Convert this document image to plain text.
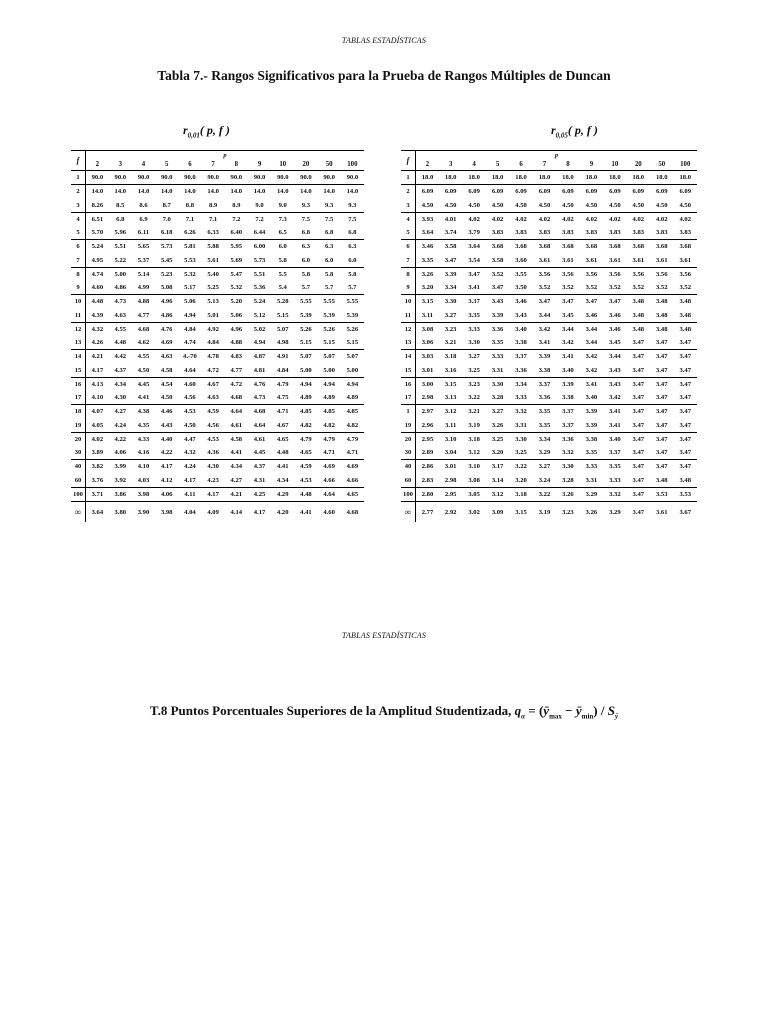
TABLAS ESTADÍSTICAS
Tabla 7.- Rangos Significativos para la Prueba de Rangos Múltiples de Duncan
$r_{0,01}$( p, f )	$r_{0,05}$( p, f )
f	p											
	2	3	4	5	6	7	8	9	10	20	50	100
1	90.0	90.0	90.0	90.0	90.0	90.0	90.0	90.0	90.0	90.0	90.0	90.0
2	14.0	14.0	14.0	14.0	14.0	14.0	14.0	14.0	14.0	14.0	14.0	14.0
3	8.26	8.5	8.6	8.7	8.8	8.9	8.9	9.0	9.0	9.3	9.3	9.3
4	6.51	6.8	6.9	7.0	7.1	7.1	7.2	7.2	7.3	7.5	7.5	7.5
5	5.70	5.96	6.11	6.18	6.26	6.33	6.40	6.44	6.5	6.8	6.8	6.8
6	5.24	5.51	5.65	5.73	5.81	5.88	5.95	6.00	6.0	6.3	6.3	6.3
7	4.95	5.22	5.37	5.45	5.53	5.61	5.69	5.73	5.8	6.0	6.0	6.0
8	4.74	5.00	5.14	5.23	5.32	5.40	5.47	5.51	5.5	5.8	5.8	5.8
9	4.60	4.86	4.99	5.08	5.17	5.25	5.32	5.36	5.4	5.7	5.7	5.7
10	4.48	4.73	4.88	4.96	5.06	5.13	5.20	5.24	5.28	5.55	5.55	5.55
11	4.39	4.63	4.77	4.86	4.94	5.01	5.06	5.12	5.15	5.39	5.39	5.39
12	4.32	4.55	4.68	4.76	4.84	4.92	4.96	5.02	5.07	5.26	5.26	5.26
13	4.26	4.48	4.62	4.69	4.74	4.84	4.88	4.94	4.98	5.15	5.15	5.15
14	4.21	4.42	4.55	4.63	4.-70	4.78	4.83	4.87	4.91	5.07	5.07	5.07
15	4.17	4.37	4.50	4.58	4.64	4.72	4.77	4.81	4.84	5.00	5.00	5.00
16	4.13	4.34	4.45	4.54	4.60	4.67	4.72	4.76	4.79	4.94	4.94	4.94
17	4.10	4.30	4.41	4.50	4.56	4.63	4.68	4.73	4.75	4.89	4.89	4.89
18	4.07	4.27	4.38	4.46	4.53	4.59	4.64	4.68	4.71	4.85	4.85	4.85
19	4.05	4.24	4.35	4.43	4.50	4.56	4.61	4.64	4.67	4.82	4.82	4.82
20	4.02	4.22	4.33	4.40	4.47	4.53	4.58	4.61	4.65	4.79	4.79	4.79
30	3.89	4.06	4.16	4.22	4.32	4.36	4.41	4.45	4.48	4.65	4.71	4.71
40	3.82	3.99	4.10	4.17	4.24	4.30	4.34	4.37	4.41	4.59	4.69	4.69
60	3.76	3.92	4.03	4.12	4.17	4.23	4.27	4.31	4.34	4.53	4.66	4.66
100	3.71	3.86	3.98	4.06	4.11	4.17	4.21	4.25	4.29	4.48	4.64	4.65
∞	3.64	3.80	3.90	3.98	4.04	4.09	4.14	4.17	4.20	4.41	4.60	4.68
f	p											
	2	3	4	5	6	7	8	9	10	20	50	100
1	18.0	18.0	18.0	18.0	18.0	18.0	18.0	18.0	18.0	18.0	18.0	18.0
2	6.09	6.09	6.09	6.09	6.09	6.09	6.09	6.09	6.09	6.09	6.09	6.09
3	4.50	4.50	4.50	4.50	4.50	4.50	4.50	4.50	4.50	4.50	4.50	4.50
4	3.93	4.01	4.02	4.02	4.02	4.02	4.02	4.02	4.02	4.02	4.02	4.02
5	3.64	3.74	3.79	3.83	3.83	3.83	3.83	3.83	3.83	3.83	3.83	3.83
6	3.46	3.58	3.64	3.68	3.68	3.68	3.68	3.68	3.68	3.68	3.68	3.68
7	3.35	3.47	3.54	3.58	3.60	3.61	3.61	3.61	3.61	3.61	3.61	3.61
8	3.26	3.39	3.47	3.52	3.55	3.56	3.56	3.56	3.56	3.56	3.56	3.56
9	3.20	3.34	3.41	3.47	3.50	3.52	3.52	3.52	3.52	3.52	3.52	3.52
10	3.15	3.30	3.37	3.43	3.46	3.47	3.47	3.47	3.47	3.48	3.48	3.48
11	3.11	3.27	3.35	3.39	3.43	3.44	3.45	3.46	3.46	3.48	3.48	3.48
12	3.08	3.23	3.33	3.36	3.40	3.42	3.44	3.44	3.46	3.48	3.48	3.48
13	3.06	3.21	3.30	3.35	3.38	3.41	3.42	3.44	3.45	3.47	3.47	3.47
14	3.03	3.18	3.27	3.33	3.37	3.39	3.41	3.42	3.44	3.47	3.47	3.47
15	3.01	3.16	3.25	3.31	3.36	3.38	3.40	3.42	3.43	3.47	3.47	3.47
16	3.00	3.15	3.23	3.30	3.34	3.37	3.39	3.41	3.43	3.47	3.47	3.47
17	2.98	3.13	3.22	3.28	3.33	3.36	3.38	3.40	3.42	3.47	3.47	3.47
1	2.97	3.12	3.21	3.27	3.32	3.35	3.37	3.39	3.41	3.47	3.47	3.47
19	2.96	3.11	3.19	3.26	3.31	3.35	3.37	3.39	3.41	3.47	3.47	3.47
20	2.95	3.10	3.18	3.25	3.30	3.34	3.36	3.38	3.40	3.47	3.47	3.47
30	2.89	3.04	3.12	3.20	3.25	3.29	3.32	3.35	3.37	3.47	3.47	3.47
40	2.86	3.01	3.10	3.17	3.22	3.27	3.30	3.33	3.35	3.47	3.47	3.47
60	2.83	2.98	3.08	3.14	3.20	3.24	3.28	3.31	3.33	3.47	3.48	3.48
100	2.80	2.95	3.05	3.12	3.18	3.22	3.26	3.29	3.32	3.47	3.53	3.53
∞	2.77	2.92	3.02	3.09	3.15	3.19	3.23	3.26	3.29	3.47	3.61	3.67
TABLAS ESTADÍSTICAS
T.8 Puntos Porcentuales Superiores de la Amplitud Studentizada, $q_\alpha$ = ($ȳ_{max}$ − $ȳ_{min}) / S_ȳ$
